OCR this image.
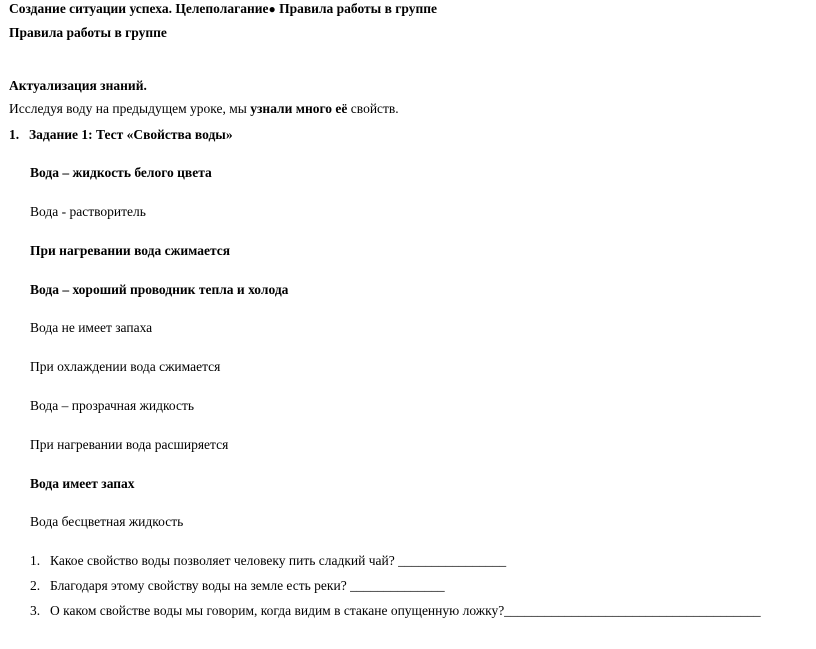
Создание ситуации успеха. Целеполагание● Правила работы в группе
Правила работы в группе
Актуализация знаний.
Исследуя воду на предыдущем уроке, мы узнали много её свойств.
1. Задание 1: Тест «Свойства воды»
Вода – жидкость белого цвета
Вода - растворитель
При нагревании вода сжимается
Вода – хороший проводник тепла и холода
Вода не имеет запаха
При охлаждении вода сжимается
Вода – прозрачная жидкость
При нагревании вода расширяется
Вода имеет запах
Вода бесцветная жидкость
1. Какое свойство воды позволяет человеку пить сладкий чай? ________________
2. Благодаря этому свойству воды на земле есть реки? ______________
3. О каком свойстве воды мы говорим, когда видим в стакане опущенную ложку?______________________________________
